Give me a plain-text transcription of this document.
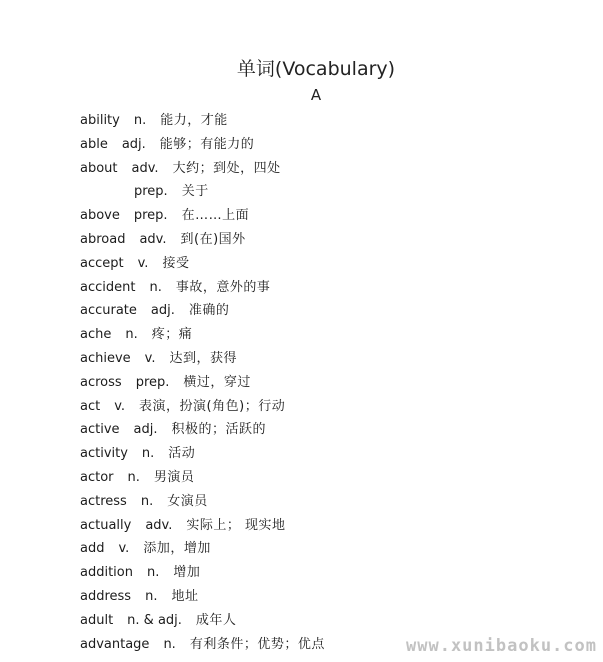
单词(Vocabulary)
A
ability n. 能力，才能
able adj. 能够；有能力的
about adv. 大约；到处，四处
prep. 关于
above prep. 在……上面
abroad adv. 到(在)国外
accept v. 接受
accident n. 事故，意外的事
accurate adj. 准确的
ache n. 疼；痛
achieve v. 达到，获得
across prep. 横过，穿过
act v. 表演，扮演(角色)；行动
active adj. 积极的；活跃的
activity n. 活动
actor n. 男演员
actress n. 女演员
actually adv. 实际上； 现实地
add v. 添加，增加
addition n. 增加
address n. 地址
adult n. & adj. 成年人
advantage n. 有利条件；优势；优点	www.xunibaoku.com
